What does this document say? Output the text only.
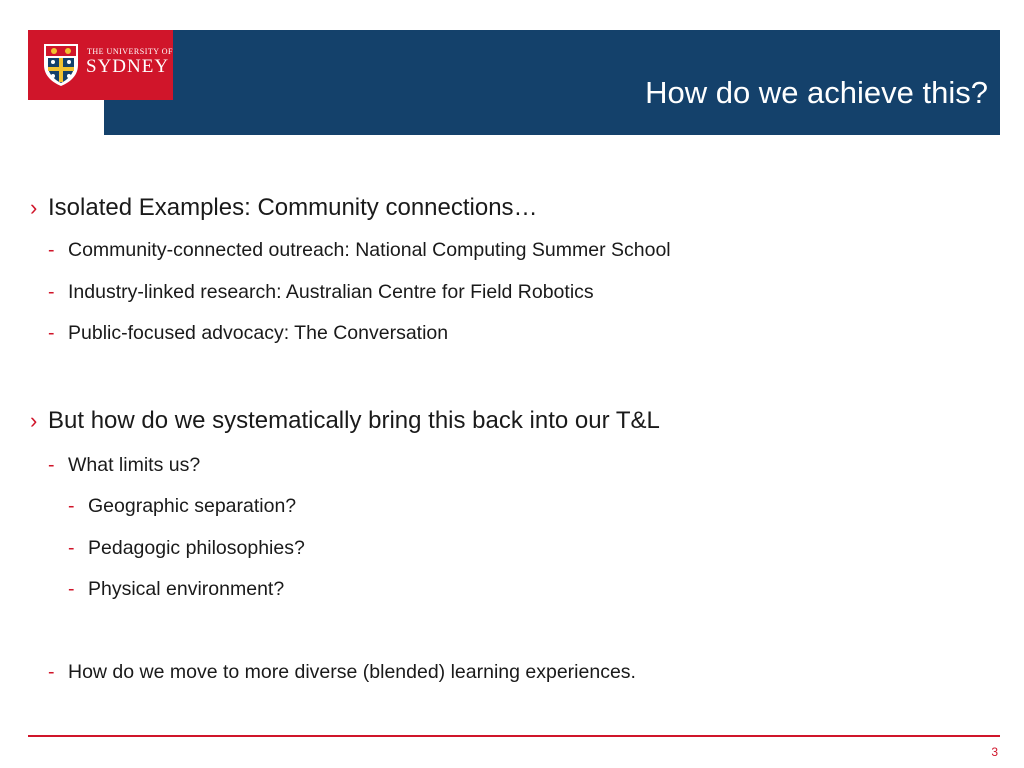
How do we achieve this?
THE UNIVERSITY OF
SYDNEY
› Isolated Examples: Community connections…
- Community-connected outreach: National Computing Summer School
- Industry-linked research: Australian Centre for Field Robotics
- Public-focused advocacy: The Conversation
› But how do we systematically bring this back into our T&L
- What limits us?
- Geographic separation?
- Pedagogic philosophies?
- Physical environment?
- How do we move to more diverse (blended) learning experiences.
3
